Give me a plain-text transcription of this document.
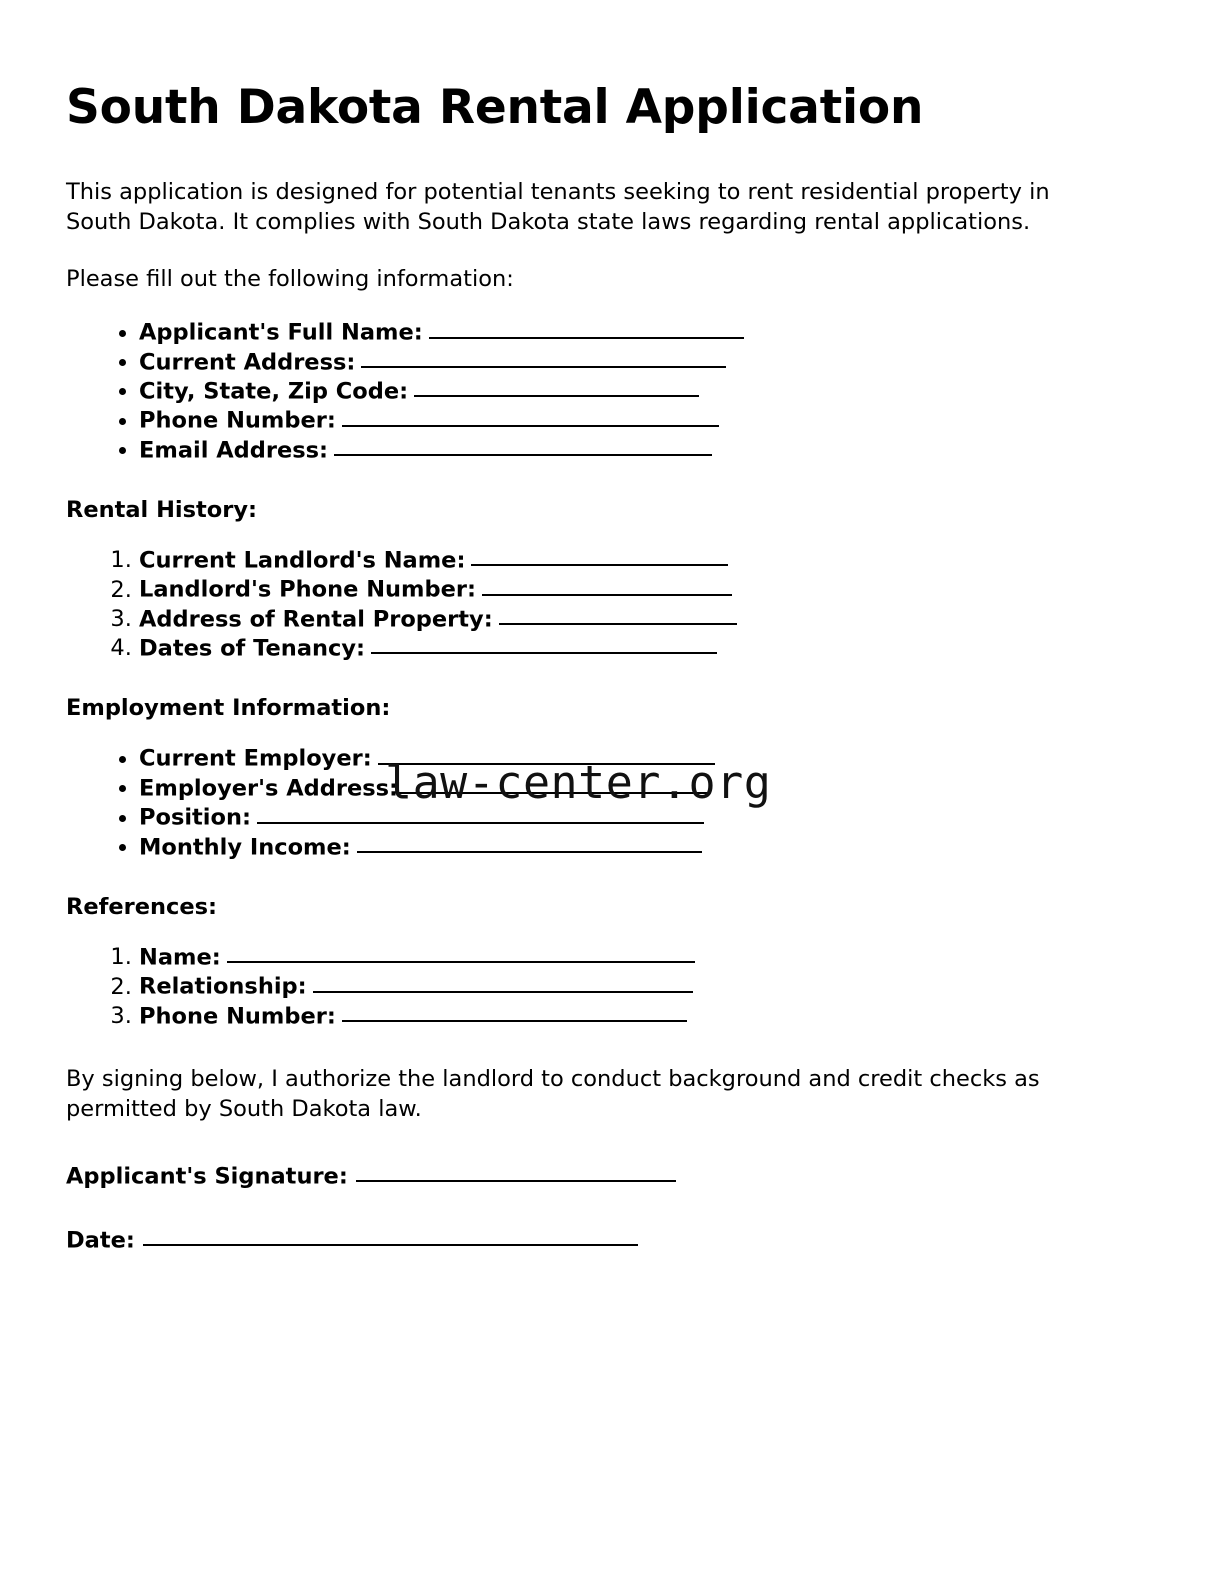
South Dakota Rental Application

This application is designed for potential tenants seeking to rent residential property in South Dakota. It complies with South Dakota state laws regarding rental applications.

Please fill out the following information:

• Applicant's Full Name:
• Current Address:
• City, State, Zip Code:
• Phone Number:
• Email Address:
Rental History:
1. Current Landlord's Name:
2. Landlord's Phone Number:
3. Address of Rental Property:
4. Dates of Tenancy:
Employment Information:
• Current Employer:
• Employer's Address:
• Position:
• Monthly Income:
References:
1. Name:
2. Relationship:
3. Phone Number:

By signing below, I authorize the landlord to conduct background and credit checks as permitted by South Dakota law.

Applicant's Signature:

Date:

law-center.org
